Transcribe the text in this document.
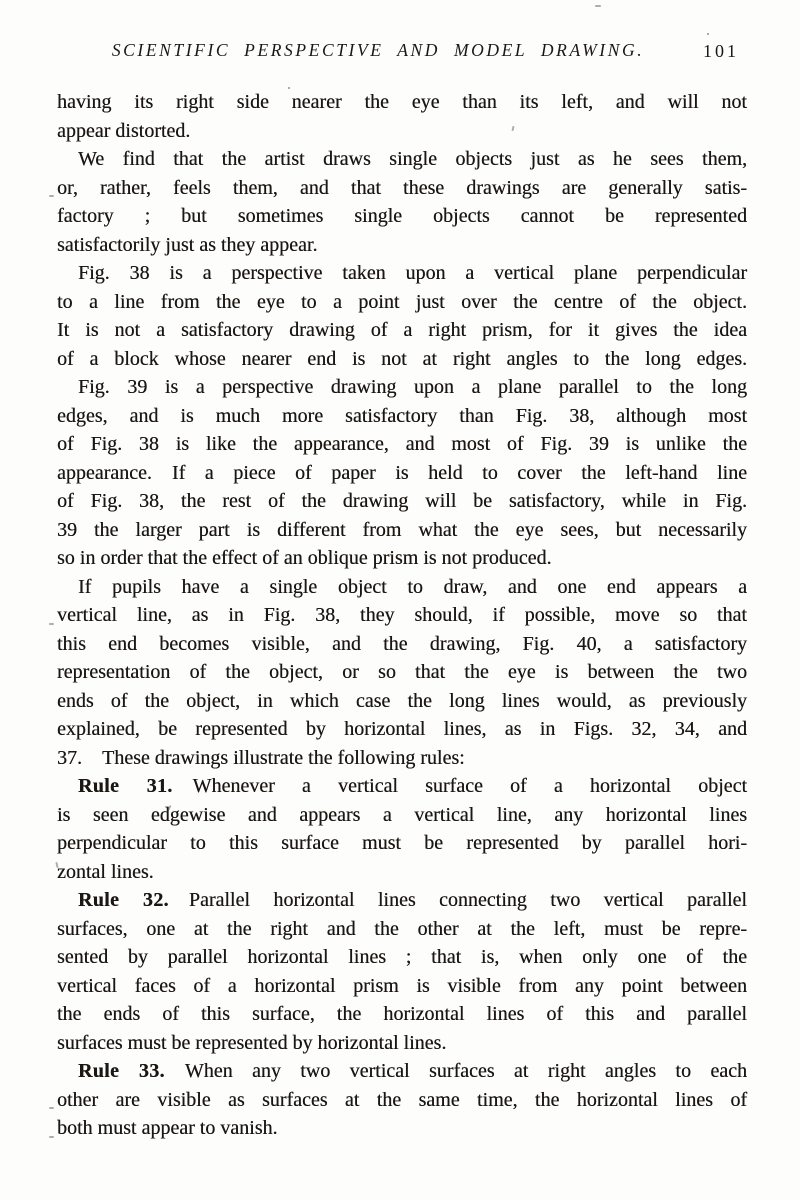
SCIENTIFIC PERSPECTIVE AND MODEL DRAWING.	101
having its right side nearer the eye than its left, and will not
appear distorted.
We find that the artist draws single objects just as he sees them,
or, rather, feels them, and that these drawings are generally satis-
factory ; but sometimes single objects cannot be represented
satisfactorily just as they appear.
Fig. 38 is a perspective taken upon a vertical plane perpendicular
to a line from the eye to a point just over the centre of the object.
It is not a satisfactory drawing of a right prism, for it gives the idea
of a block whose nearer end is not at right angles to the long edges.
Fig. 39 is a perspective drawing upon a plane parallel to the long
edges, and is much more satisfactory than Fig. 38, although most
of Fig. 38 is like the appearance, and most of Fig. 39 is unlike the
appearance. If a piece of paper is held to cover the left-hand line
of Fig. 38, the rest of the drawing will be satisfactory, while in Fig.
39 the larger part is different from what the eye sees, but necessarily
so in order that the effect of an oblique prism is not produced.
If pupils have a single object to draw, and one end appears a
vertical line, as in Fig. 38, they should, if possible, move so that
this end becomes visible, and the drawing, Fig. 40, a satisfactory
representation of the object, or so that the eye is between the two
ends of the object, in which case the long lines would, as previously
explained, be represented by horizontal lines, as in Figs. 32, 34, and
37. These drawings illustrate the following rules:
Rule 31. Whenever a vertical surface of a horizontal object
is seen edgewise and appears a vertical line, any horizontal lines
perpendicular to this surface must be represented by parallel hori-
zontal lines.
Rule 32. Parallel horizontal lines connecting two vertical parallel
surfaces, one at the right and the other at the left, must be repre-
sented by parallel horizontal lines ; that is, when only one of the
vertical faces of a horizontal prism is visible from any point between
the ends of this surface, the horizontal lines of this and parallel
surfaces must be represented by horizontal lines.
Rule 33. When any two vertical surfaces at right angles to each
other are visible as surfaces at the same time, the horizontal lines of
both must appear to vanish.
